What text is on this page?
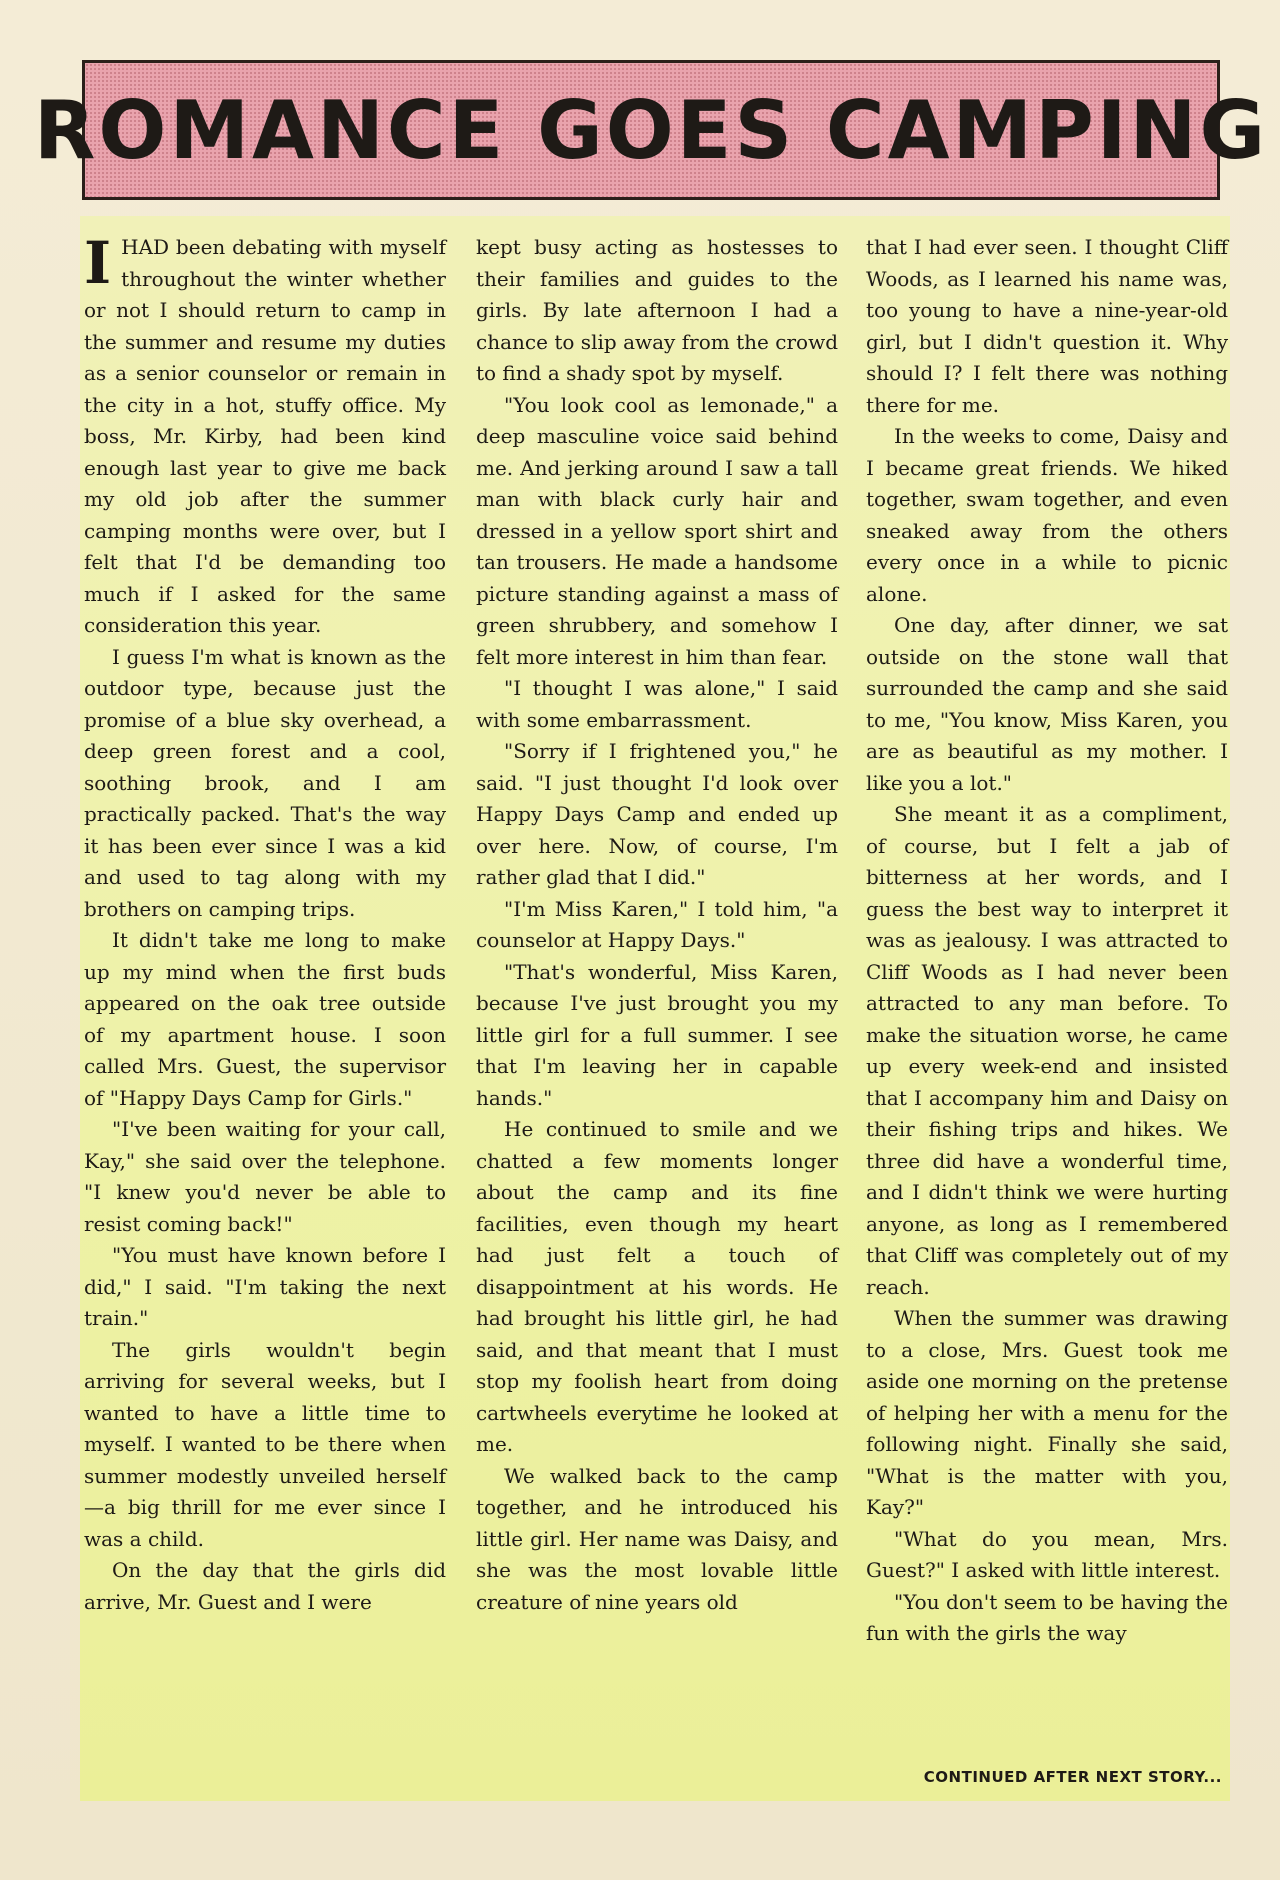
ROMANCE GOES CAMPING

I HAD been debating with myself throughout the winter whether or not I should return to camp in the summer and resume my duties as a senior counselor or remain in the city in a hot, stuffy office. My boss, Mr. Kirby, had been kind enough last year to give me back my old job after the summer camping months were over, but I felt that I'd be demanding too much if I asked for the same consideration this year.

I guess I'm what is known as the outdoor type, because just the promise of a blue sky overhead, a deep green forest and a cool, soothing brook, and I am practically packed. That's the way it has been ever since I was a kid and used to tag along with my brothers on camping trips.

It didn't take me long to make up my mind when the first buds appeared on the oak tree outside of my apartment house. I soon called Mrs. Guest, the supervisor of "Happy Days Camp for Girls."

"I've been waiting for your call, Kay," she said over the telephone. "I knew you'd never be able to resist coming back!"

"You must have known before I did," I said. "I'm taking the next train."

The girls wouldn't begin arriving for several weeks, but I wanted to have a little time to myself. I wanted to be there when summer modestly unveiled herself—a big thrill for me ever since I was a child.

On the day that the girls did arrive, Mr. Guest and I were

kept busy acting as hostesses to their families and guides to the girls. By late afternoon I had a chance to slip away from the crowd to find a shady spot by myself.

"You look cool as lemonade," a deep masculine voice said behind me. And jerking around I saw a tall man with black curly hair and dressed in a yellow sport shirt and tan trousers. He made a handsome picture standing against a mass of green shrubbery, and somehow I felt more interest in him than fear.

"I thought I was alone," I said with some embarrassment.

"Sorry if I frightened you," he said. "I just thought I'd look over Happy Days Camp and ended up over here. Now, of course, I'm rather glad that I did."

"I'm Miss Karen," I told him, "a counselor at Happy Days."

"That's wonderful, Miss Karen, because I've just brought you my little girl for a full summer. I see that I'm leaving her in capable hands."

He continued to smile and we chatted a few moments longer about the camp and its fine facilities, even though my heart had just felt a touch of disappointment at his words. He had brought his little girl, he had said, and that meant that I must stop my foolish heart from doing cartwheels everytime he looked at me.

We walked back to the camp together, and he introduced his little girl. Her name was Daisy, and she was the most lovable little creature of nine years old

that I had ever seen. I thought Cliff Woods, as I learned his name was, too young to have a nine-year-old girl, but I didn't question it. Why should I? I felt there was nothing there for me.

In the weeks to come, Daisy and I became great friends. We hiked together, swam together, and even sneaked away from the others every once in a while to picnic alone.

One day, after dinner, we sat outside on the stone wall that surrounded the camp and she said to me, "You know, Miss Karen, you are as beautiful as my mother. I like you a lot."

She meant it as a compliment, of course, but I felt a jab of bitterness at her words, and I guess the best way to interpret it was as jealousy. I was attracted to Cliff Woods as I had never been attracted to any man before. To make the situation worse, he came up every week-end and insisted that I accompany him and Daisy on their fishing trips and hikes. We three did have a wonderful time, and I didn't think we were hurting anyone, as long as I remembered that Cliff was completely out of my reach.

When the summer was drawing to a close, Mrs. Guest took me aside one morning on the pretense of helping her with a menu for the following night. Finally she said, "What is the matter with you, Kay?"

"What do you mean, Mrs. Guest?" I asked with little interest.

"You don't seem to be having the fun with the girls the way

CONTINUED AFTER NEXT STORY...
